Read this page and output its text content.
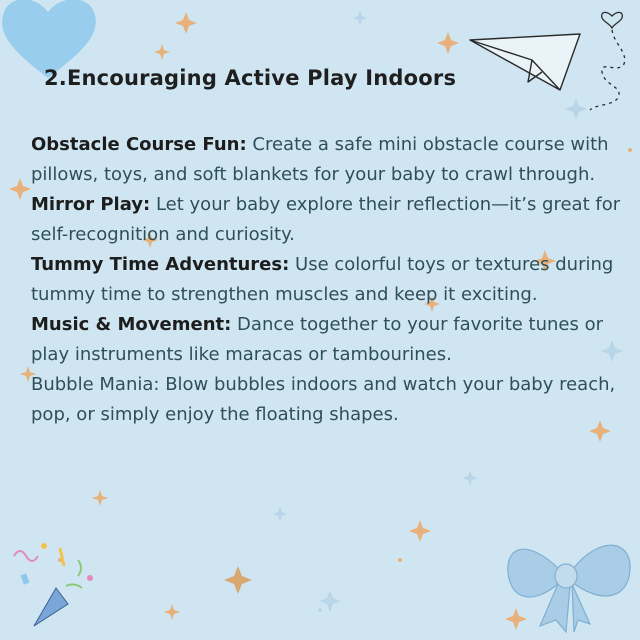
2.Encouraging Active Play Indoors

Obstacle Course Fun: Create a safe mini obstacle course with pillows, toys, and soft blankets for your baby to crawl through.

Mirror Play: Let your baby explore their reflection—it’s great for self-recognition and curiosity.

Tummy Time Adventures: Use colorful toys or textures during tummy time to strengthen muscles and keep it exciting.

Music & Movement: Dance together to your favorite tunes or play instruments like maracas or tambourines.

Bubble Mania: Blow bubbles indoors and watch your baby reach, pop, or simply enjoy the floating shapes.
